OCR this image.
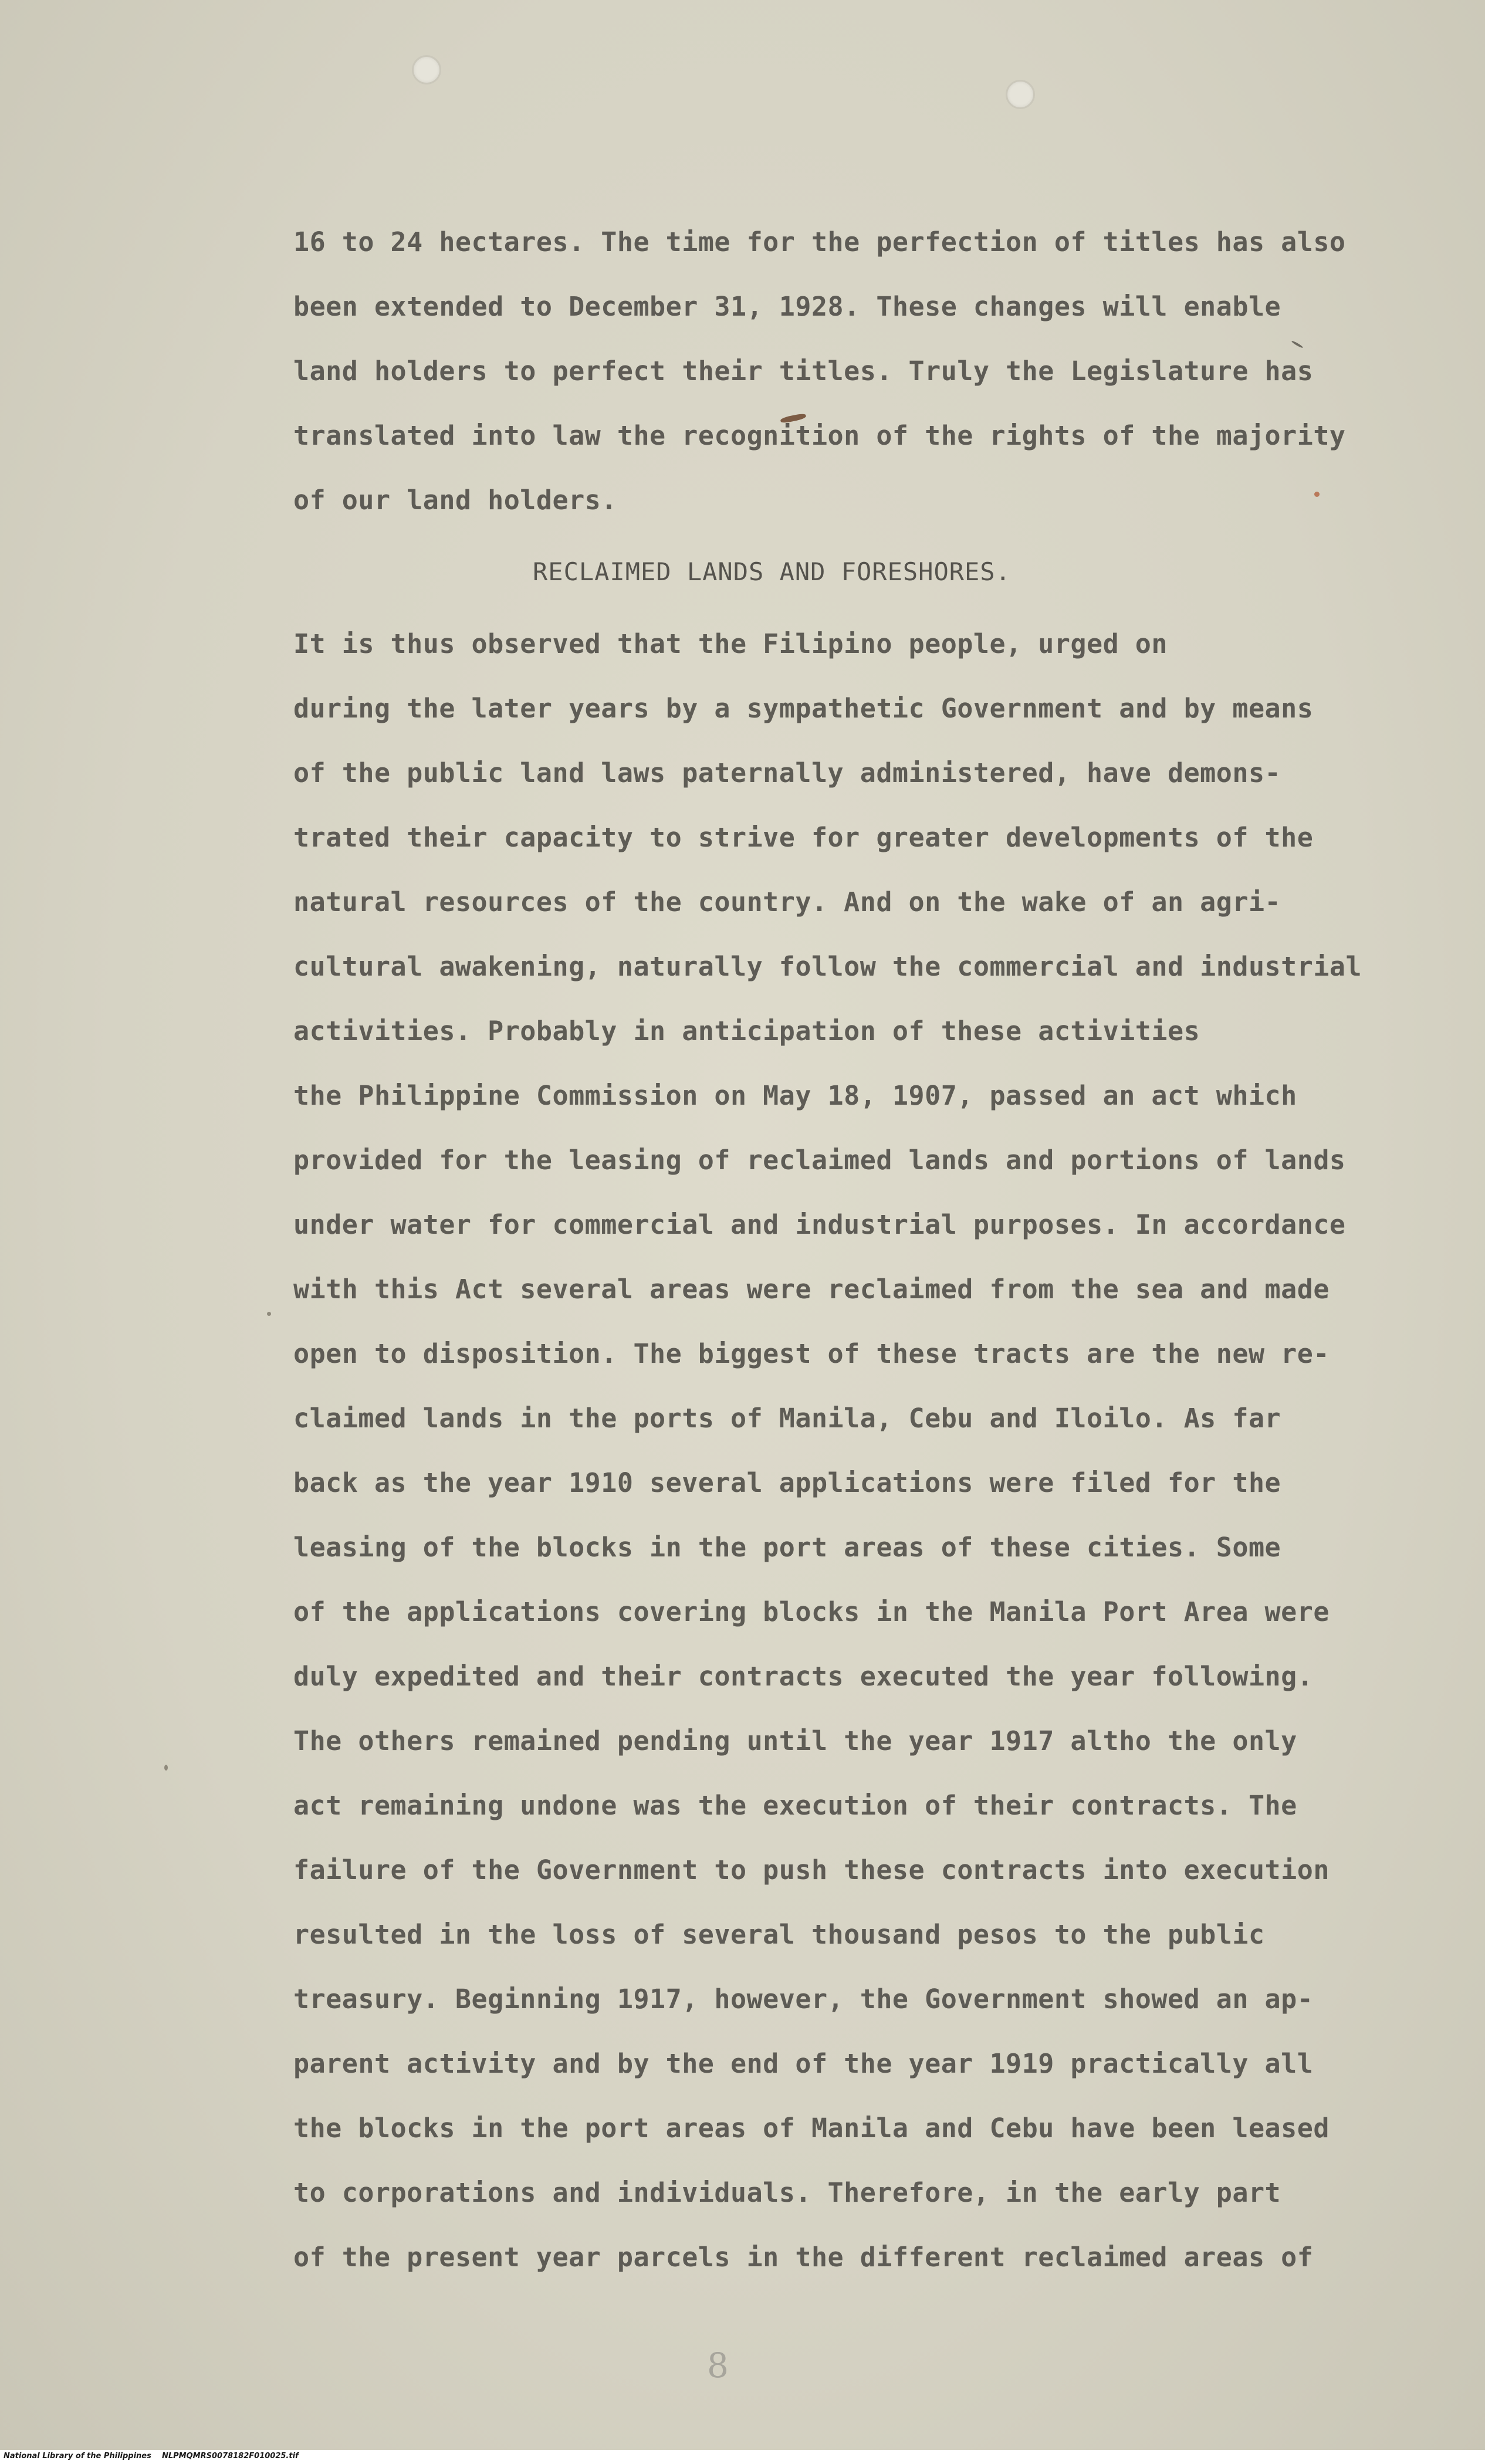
16 to 24 hectares. The time for the perfection of titles has also
been extended to December 31, 1928. These changes will enable
land holders to perfect their titles. Truly the Legislature has
translated into law the recognition of the rights of the majority
of our land holders.
RECLAIMED LANDS AND FORESHORES.
It is thus observed that the Filipino people, urged on
during the later years by a sympathetic Government and by means
of the public land laws paternally administered, have demons-
trated their capacity to strive for greater developments of the
natural resources of the country. And on the wake of an agri-
cultural awakening, naturally follow the commercial and industrial
activities. Probably in anticipation of these activities
the Philippine Commission on May 18, 1907, passed an act which
provided for the leasing of reclaimed lands and portions of lands
under water for commercial and industrial purposes. In accordance
with this Act several areas were reclaimed from the sea and made
open to disposition. The biggest of these tracts are the new re-
claimed lands in the ports of Manila, Cebu and Iloilo. As far
back as the year 1910 several applications were filed for the
leasing of the blocks in the port areas of these cities. Some
of the applications covering blocks in the Manila Port Area were
duly expedited and their contracts executed the year following.
The others remained pending until the year 1917 altho the only
act remaining undone was the execution of their contracts. The
failure of the Government to push these contracts into execution
resulted in the loss of several thousand pesos to the public
treasury. Beginning 1917, however, the Government showed an ap-
parent activity and by the end of the year 1919 practically all
the blocks in the port areas of Manila and Cebu have been leased
to corporations and individuals. Therefore, in the early part
of the present year parcels in the different reclaimed areas of
8
National Library of the Philippines NLPMQMRS0078182F010025.tif
